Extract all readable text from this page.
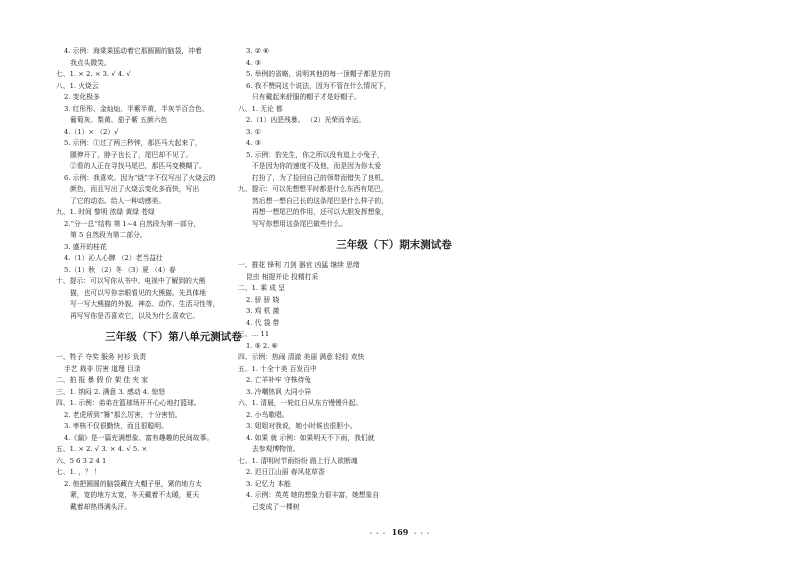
4. 示例：海棠果摇动着它那圆圆的脑袋，冲着
我点头微笑。
七、1. × 2. × 3. √ 4. √
八、1. 火烧云
2. 变化极多
3. 红彤彤、金灿灿、半紫半黄、半灰半百合色、
葡萄灰、梨黄、茄子紫 五颜六色
4.（1）× （2）√
5. 示例：①过了两三秒钟，那匹马大起来了，
腿伸开了，脖子也长了，尾巴却不见了。
②看的人正在寻找马尾巴，那匹马变模糊了。
6. 示例：我喜欢。因为“烧”字不仅写出了火烧云的
颜色，而且写出了火烧云变化多而快，写出
了它的动态。给人一种动感美。
九、1. 时间 黎明 浓绿 黄绿 苍绿
2.“分一总”结构 第 1~4 自然段为第一部分，
第 5 自然段为第二部分。
3. 盛开的桂花
4.（1）沁人心脾 （2）老当益壮
5.（1）秋 （2）冬 （3）夏 （4）春
十、提示：可以写你从书中、电视中了解到的大熊
猫，也可以写你亲眼看见的大熊猫。先具体地
写一写大熊猫的外貌、神态、动作、生活习性等，
再写写你是否喜欢它，以及为什么喜欢它。
三年级（下）第八单元测试卷
一、牲子 夺奖 服务 衬衫 负责
手艺 栽非 厉害 道理 目录
二、拍 报 暴 假 价 架 佳 夹 家
三、1. 纳闷 2. 满意 3. 感动 4. 惊怒
四、1. 示例：弟弟在篮球场开开心心地打篮球。
2. 老虎所到“饕”那么厉害，十分害怕。
3. 枣核不仅很勤快，而且很聪明。
4.《漏》是一篇充满想象、富有趣趣的民间故事。
五、1. × 2. √ 3. × 4. √ 5. ×
六、5 6 3 2 4 1
七、1. ，？ ！
2. 他把圆圆的脑袋藏在大帽子里，紧的地方太
紧，宽的地方太宽，冬天戴着不太暖，夏天
戴着却热得满头汗。
3. ② ⑥
4. ③
5. 举例的省略，说明其他的每一顶帽子都是方的
6. 我不赞同这个说法，因为不管在什么情况下，
只有戴起来舒服的帽子才是好帽子。
八、1. 无论 都
2.（1）凶恶残暴。 （2）光荣而幸运。
3. ①
4. ③
5. 示例：豹先生，你之所以没有追上小兔子，
不是因为你的速度不及他，而是因为你太爱
打扮了，为了捡回自己的领带而错失了良机。
九、提示：可以先想想平时都是什么东西有尾巴，
然后想一想自己长的这条尾巴是什么样子的，
再想一想尾巴的作用，还可以大胆发挥想象，
写写你想用这条尾巴做些什么。
三年级（下）期末测试卷
一、推花 锋利 刀剑 器官 凶猛 继续 思绪
昆虫 相提并论 投精打采
二、1. 乘 成 呈
2. 骄 骄 娆
3. 鸡 机 激
4. 代 袋 带
三、… 11
1. ⑤ 2. ⑥
四、示例：热闹 清澈 美丽 满意 轻轻 欢快
五、1. 十全十美 百发百中
2. 亡羊补牢 守株待兔
3. 冷嘲热讽 大同小异
六、1. 清晨，一轮红日从东方慢慢升起。
2. 小鸟歌唱。
3. 姐姐对我说，她小时候也很胆小。
4. 如果 就 示例：如果明天不下雨，我们就
去参观博物馆。
七、1. 清明时节雨纷纷 路上行人欲断魂
2. 迟日江山丽 春风花草香
3. 记忆力 本能
4. 示例：英英 她的想象力很丰富，她想象自
己变成了一棵树
• • • 169 • • •
